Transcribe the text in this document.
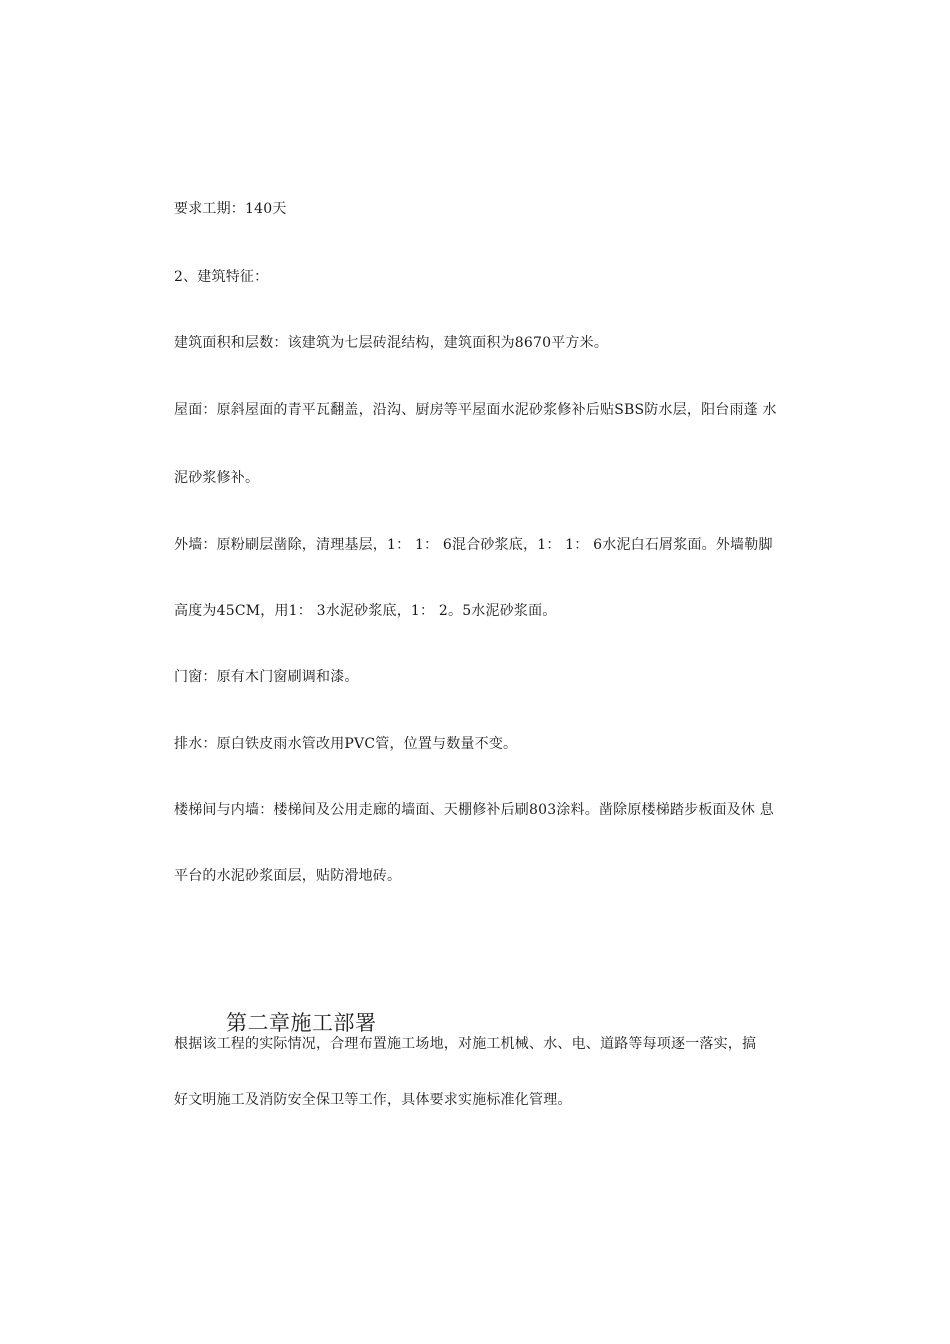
要求工期：140天
2、建筑特征：
建筑面积和层数：该建筑为七层砖混结构，建筑面积为8670平方米。
屋面：原斜屋面的青平瓦翻盖，沿沟、厨房等平屋面水泥砂浆修补后贴SBS防水层，阳台雨蓬 水
泥砂浆修补。
外墙：原粉刷层凿除，清理基层，1： 1： 6混合砂浆底，1： 1： 6水泥白石屑浆面。外墙勒脚
高度为45CM，用1： 3水泥砂浆底，1： 2。5水泥砂浆面。
门窗：原有木门窗刷调和漆。
排水：原白铁皮雨水管改用PVC管，位置与数量不变。
楼梯间与内墙：楼梯间及公用走廊的墙面、天棚修补后刷803涂料。凿除原楼梯踏步板面及休 息
平台的水泥砂浆面层，贴防滑地砖。
第二章施工部署
根据该工程的实际情况，合理布置施工场地，对施工机械、水、电、道路等每项逐一落实，搞
好文明施工及消防安全保卫等工作，具体要求实施标准化管理。
